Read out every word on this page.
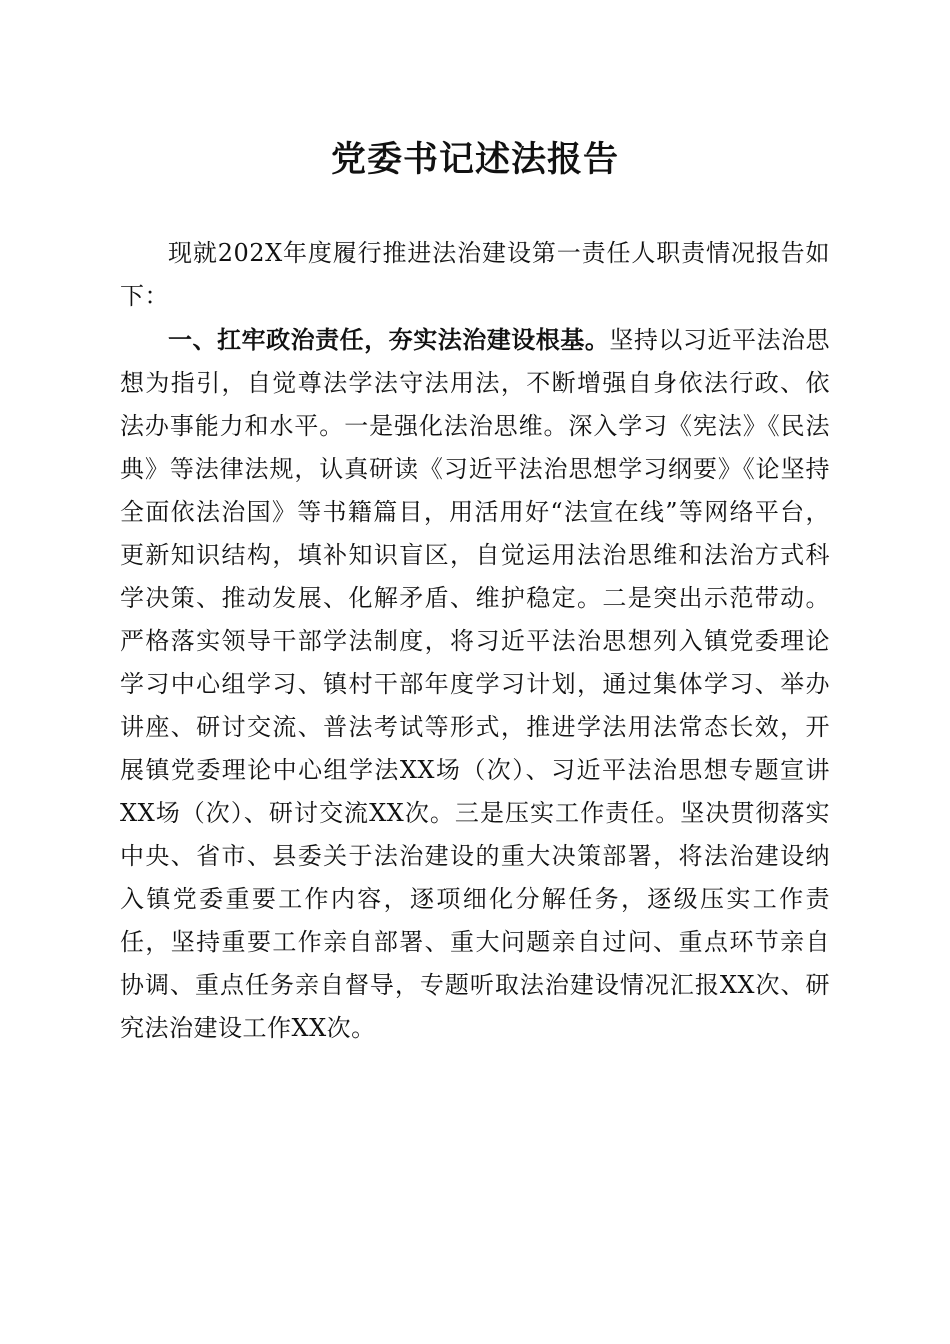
党委书记述法报告

现就202X年度履行推进法治建设第一责任人职责情况报告如下：

一、扛牢政治责任，夯实法治建设根基。坚持以习近平法治思想为指引，自觉尊法学法守法用法，不断增强自身依法行政、依法办事能力和水平。一是强化法治思维。深入学习《宪法》《民法典》等法律法规，认真研读《习近平法治思想学习纲要》《论坚持全面依法治国》等书籍篇目，用活用好“法宣在线”等网络平台，更新知识结构，填补知识盲区，自觉运用法治思维和法治方式科学决策、推动发展、化解矛盾、维护稳定。二是突出示范带动。严格落实领导干部学法制度，将习近平法治思想列入镇党委理论学习中心组学习、镇村干部年度学习计划，通过集体学习、举办讲座、研讨交流、普法考试等形式，推进学法用法常态长效，开展镇党委理论中心组学法XX场（次）、习近平法治思想专题宣讲XX场（次）、研讨交流XX次。三是压实工作责任。坚决贯彻落实中央、省市、县委关于法治建设的重大决策部署，将法治建设纳入镇党委重要工作内容，逐项细化分解任务，逐级压实工作责任，坚持重要工作亲自部署、重大问题亲自过问、重点环节亲自协调、重点任务亲自督导，专题听取法治建设情况汇报XX次、研究法治建设工作XX次。
